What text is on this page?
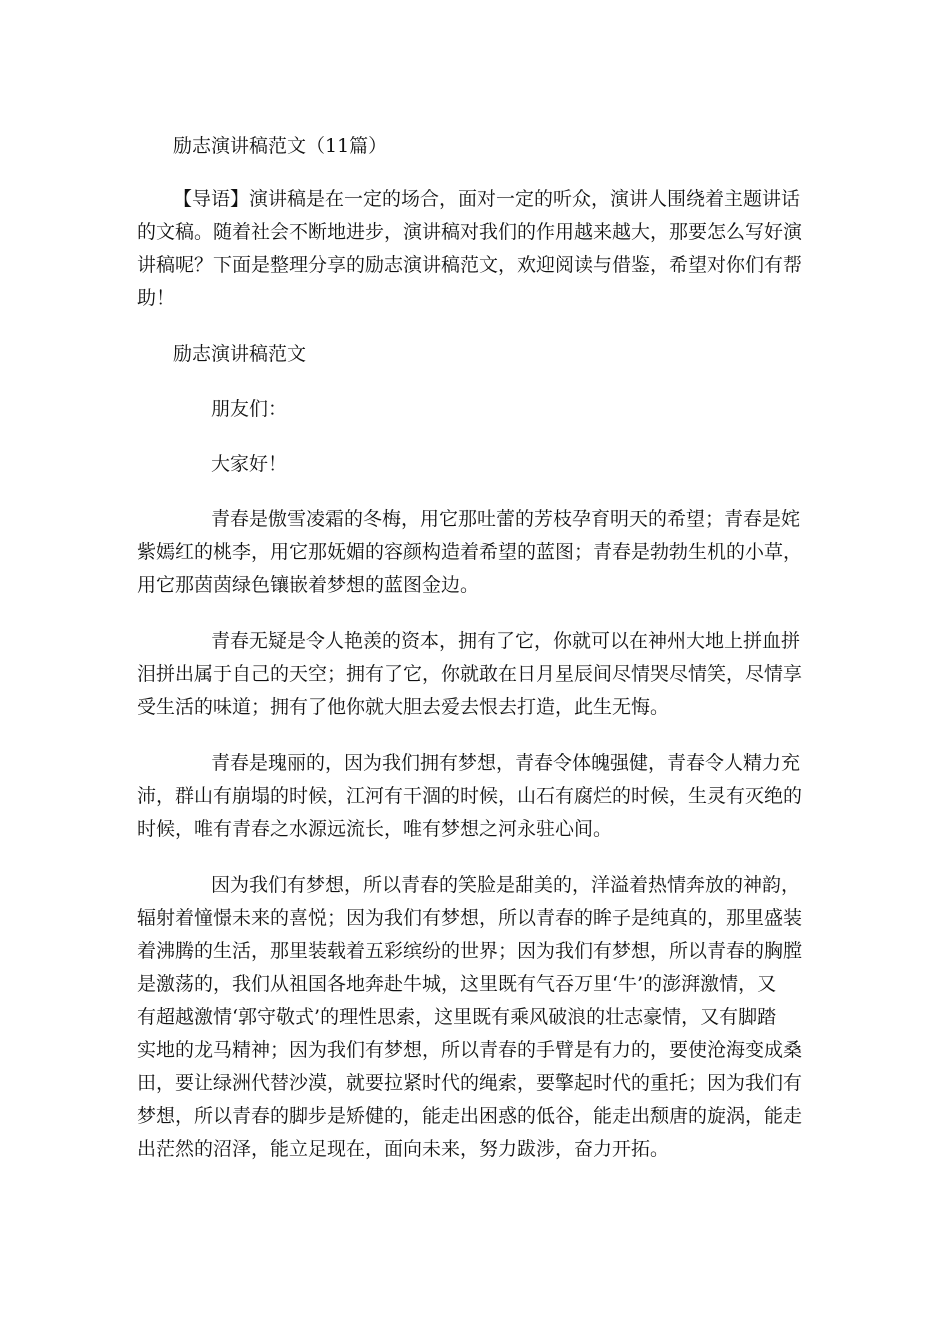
励志演讲稿范文（11篇）

【导语】演讲稿是在一定的场合，面对一定的听众，演讲人围绕着主题讲话

的文稿。随着社会不断地进步，演讲稿对我们的作用越来越大，那要怎么写好演

讲稿呢？下面是整理分享的励志演讲稿范文，欢迎阅读与借鉴，希望对你们有帮

助！

励志演讲稿范文

朋友们：

大家好！

青春是傲雪凌霜的冬梅，用它那吐蕾的芳枝孕育明天的希望；青春是姹

紫嫣红的桃李，用它那妩媚的容颜构造着希望的蓝图；青春是勃勃生机的小草，

用它那茵茵绿色镶嵌着梦想的蓝图金边。

青春无疑是令人艳羡的资本，拥有了它，你就可以在神州大地上拼血拼

泪拼出属于自己的天空；拥有了它，你就敢在日月星辰间尽情哭尽情笑，尽情享

受生活的味道；拥有了他你就大胆去爱去恨去打造，此生无悔。

青春是瑰丽的，因为我们拥有梦想，青春令体魄强健，青春令人精力充

沛，群山有崩塌的时候，江河有干涸的时候，山石有腐烂的时候，生灵有灭绝的

时候，唯有青春之水源远流长，唯有梦想之河永驻心间。

因为我们有梦想，所以青春的笑脸是甜美的，洋溢着热情奔放的神韵，

辐射着憧憬未来的喜悦；因为我们有梦想，所以青春的眸子是纯真的，那里盛装

着沸腾的生活，那里装载着五彩缤纷的世界；因为我们有梦想，所以青春的胸膛

是激荡的，我们从祖国各地奔赴牛城，这里既有气吞万里‘牛’的澎湃激情，又

有超越激情‘郭守敬式’的理性思索，这里既有乘风破浪的壮志豪情，又有脚踏

实地的龙马精神；因为我们有梦想，所以青春的手臂是有力的，要使沧海变成桑

田，要让绿洲代替沙漠，就要拉紧时代的绳索，要擎起时代的重托；因为我们有

梦想，所以青春的脚步是矫健的，能走出困惑的低谷，能走出颓唐的旋涡，能走

出茫然的沼泽，能立足现在，面向未来，努力跋涉，奋力开拓。
